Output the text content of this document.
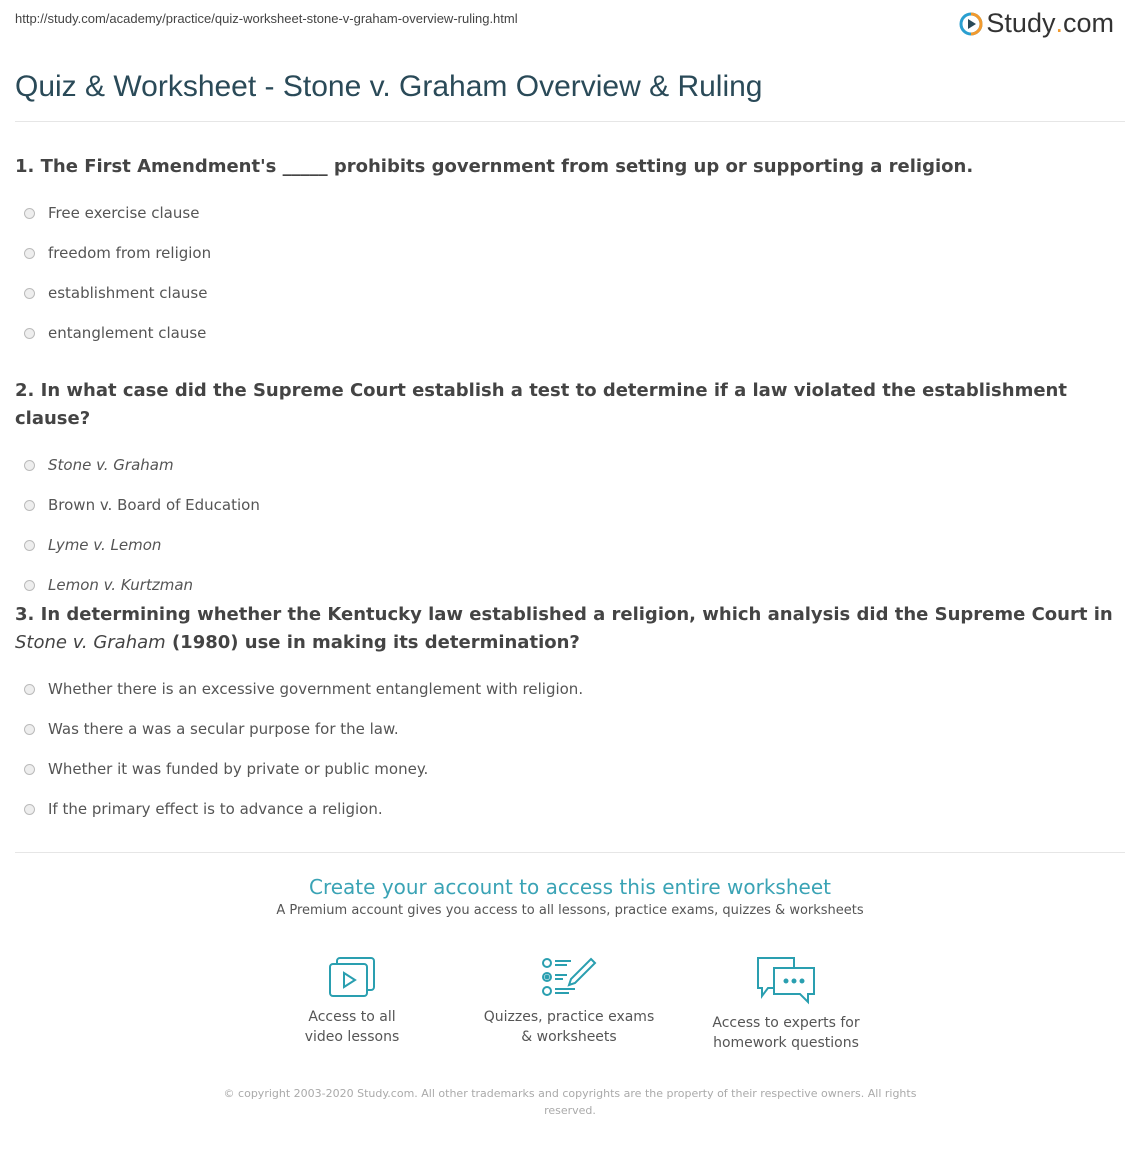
http://study.com/academy/practice/quiz-worksheet-stone-v-graham-overview-ruling.html	Study . com
Quiz & Worksheet - Stone v. Graham Overview & Ruling

1. The First Amendment's _____ prohibits government from setting up or supporting a religion.

Free exercise clause
freedom from religion
establishment clause
entanglement clause

2. In what case did the Supreme Court establish a test to determine if a law violated the establishment clause?

Stone v. Graham
Brown v. Board of Education
Lyme v. Lemon
Lemon v. Kurtzman

3. In determining whether the Kentucky law established a religion, which analysis did the Supreme Court in Stone v. Graham (1980) use in making its determination?

Whether there is an excessive government entanglement with religion.
Was there a was a secular purpose for the law.
Whether it was funded by private or public money.
If the primary effect is to advance a religion.
Create your account to access this entire worksheet

A Premium account gives you access to all lessons, practice exams, quizzes & worksheets

Access to all
video lessons
Quizzes, practice exams
& worksheets
Access to experts for
homework questions
© copyright 2003-2020 Study.com. All other trademarks and copyrights are the property of their respective owners. All rights reserved.
